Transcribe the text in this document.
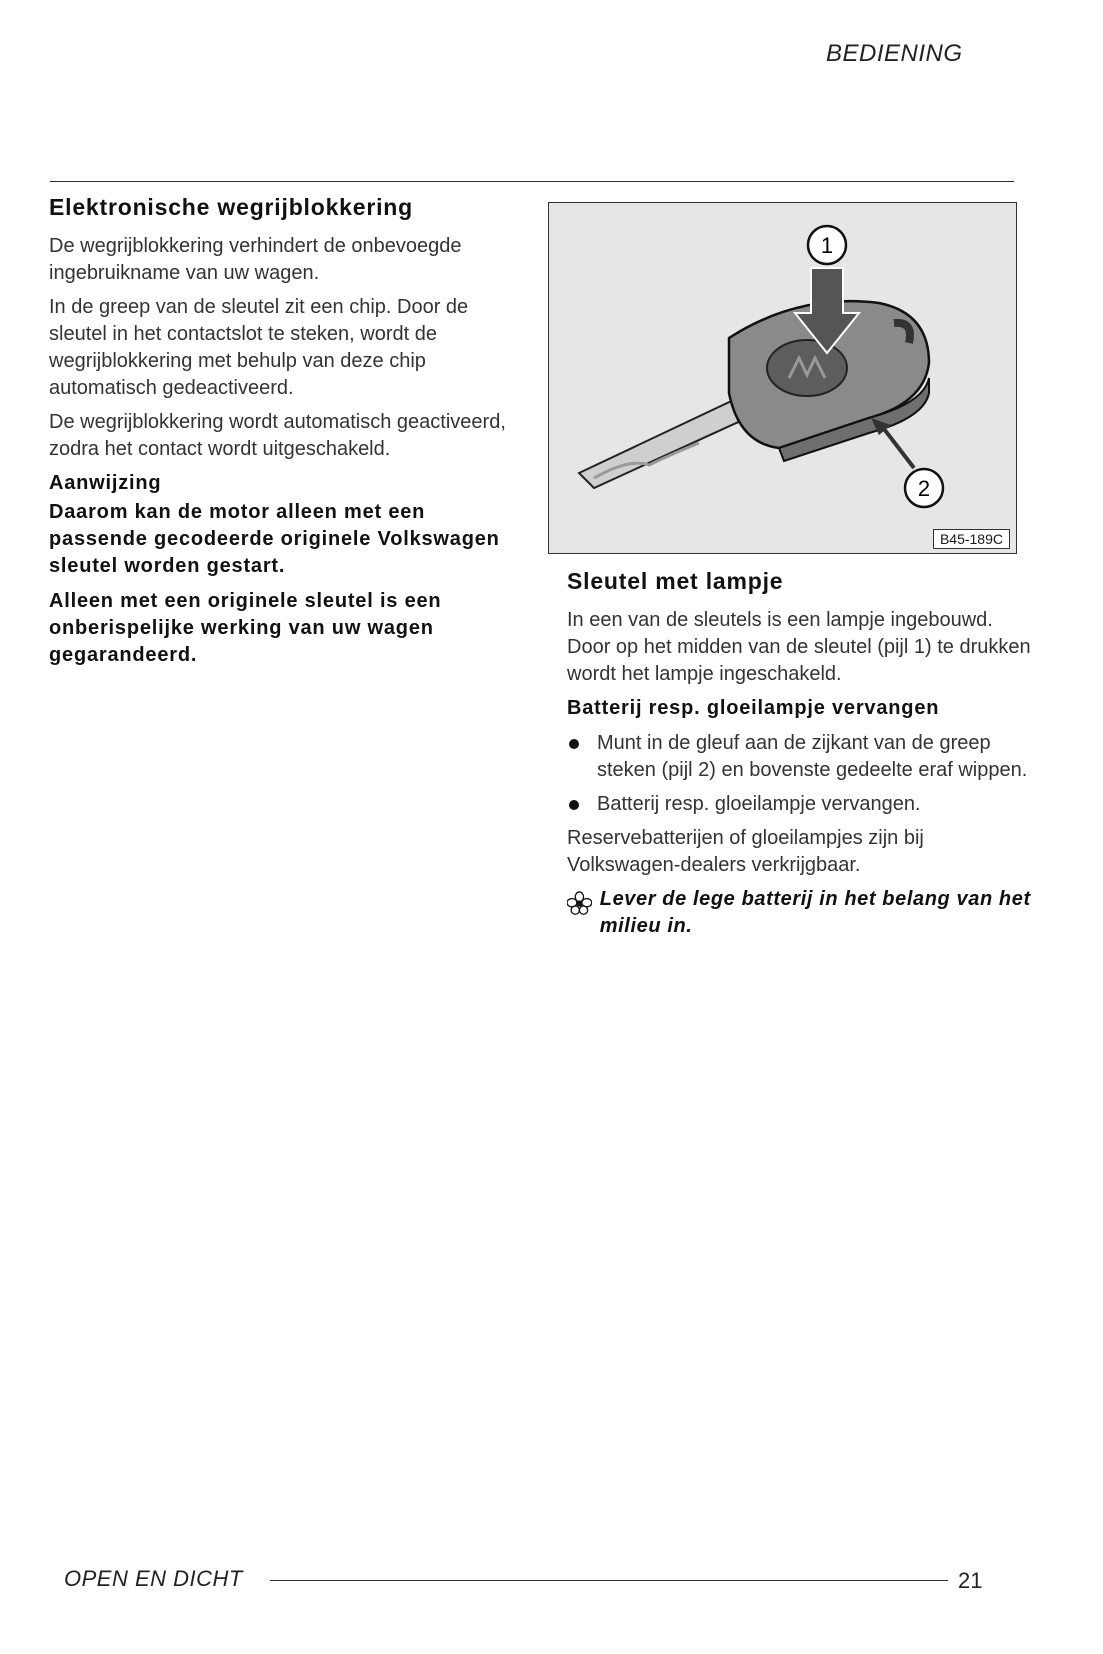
BEDIENING
Elektronische wegrijblokkering

De wegrijblokkering verhindert de onbevoegde ingebruikname van uw wagen.

In de greep van de sleutel zit een chip. Door de sleutel in het contactslot te steken, wordt de wegrijblokkering met behulp van deze chip automatisch gedeactiveerd.

De wegrijblokkering wordt automatisch geactiveerd, zodra het contact wordt uitgeschakeld.

Aanwijzing

Daarom kan de motor alleen met een passende gecodeerde originele Volkswagen sleutel worden gestart.

Alleen met een originele sleutel is een onberispelijke werking van uw wagen gegarandeerd.

1
2
B45-189C
Sleutel met lampje

In een van de sleutels is een lampje ingebouwd. Door op het midden van de sleutel (pijl 1) te drukken wordt het lampje ingeschakeld.

Batterij resp. gloeilampje vervangen

Munt in de gleuf aan de zijkant van de greep steken (pijl 2) en bovenste gedeelte eraf wippen.

Batterij resp. gloeilampje vervangen.

Reservebatterijen of gloeilampjes zijn bij Volkswagen-dealers verkrijgbaar.

Lever de lege batterij in het belang van het milieu in.
OPEN EN DICHT	21
